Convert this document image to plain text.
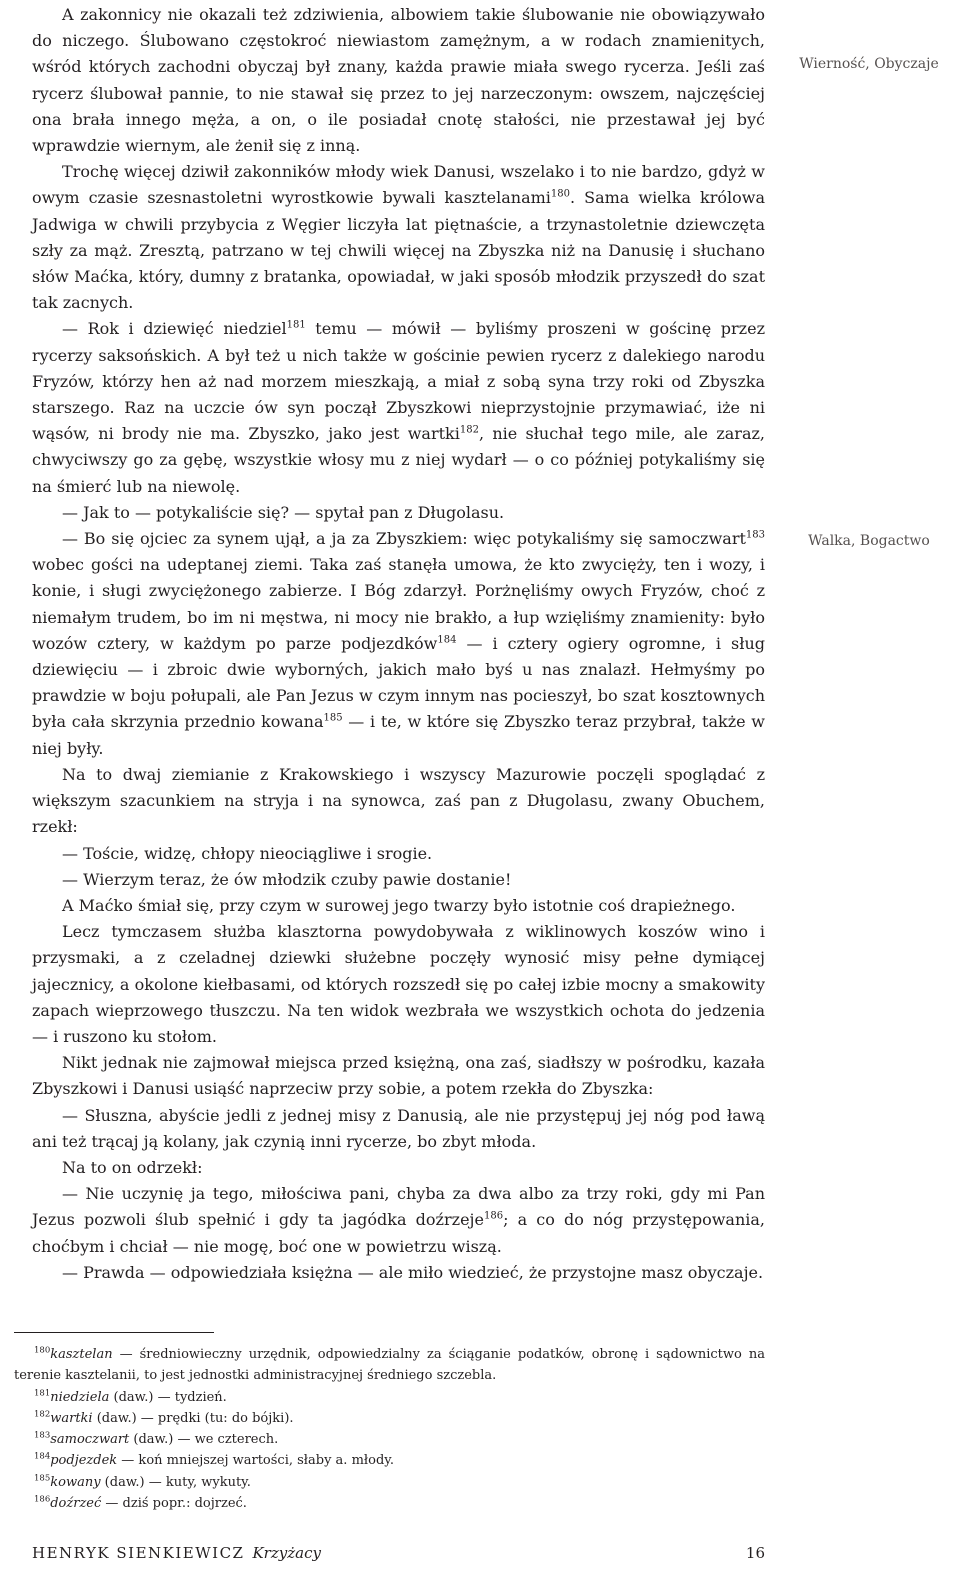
A zakonnicy nie okazali też zdziwienia, albowiem takie ślubowanie nie obowiązywało do niczego. Ślubowano częstokroć niewiastom zamężnym, a w rodach znamienitych, wśród których zachodni obyczaj był znany, każda prawie miała swego rycerza. Jeśli zaś rycerz ślubował pannie, to nie stawał się przez to jej narzeczonym: owszem, najczęściej ona brała innego męża, a on, o ile posiadał cnotę stałości, nie przestawał jej być wprawdzie wiernym, ale żenił się z inną.

Trochę więcej dziwił zakonników młody wiek Danusi, wszelako i to nie bardzo, gdyż w owym czasie szesnastoletni wyrostkowie bywali kasztelanami$^{180}$. Sama wielka królowa Jadwiga w chwili przybycia z Węgier liczyła lat piętnaście, a trzynastoletnie dziewczęta szły za mąż. Zresztą, patrzano w tej chwili więcej na Zbyszka niż na Danusię i słuchano słów Maćka, który, dumny z bratanka, opowiadał, w jaki sposób młodzik przyszedł do szat tak zacnych.

— Rok i dziewięć niedziel$^{181}$ temu — mówił — byliśmy proszeni w gościnę przez rycerzy saksońskich. A był też u nich także w gościnie pewien rycerz z dalekiego narodu Fryzów, którzy hen aż nad morzem mieszkają, a miał z sobą syna trzy roki od Zbyszka starszego. Raz na uczcie ów syn począł Zbyszkowi nieprzystojnie przymawiać, iże ni wąsów, ni brody nie ma. Zbyszko, jako jest wartki$^{182}$, nie słuchał tego mile, ale zaraz, chwyciwszy go za gębę, wszystkie włosy mu z niej wydarł — o co później potykaliśmy się na śmierć lub na niewolę.

— Jak to — potykaliście się? — spytał pan z Długolasu.

— Bo się ojciec za synem ujął, a ja za Zbyszkiem: więc potykaliśmy się samoczwart$^{183}$ wobec gości na udeptanej ziemi. Taka zaś stanęła umowa, że kto zwycięży, ten i wozy, i konie, i sługi zwyciężonego zabierze. I Bóg zdarzył. Porżnęliśmy owych Fryzów, choć z niemałym trudem, bo im ni męstwa, ni mocy nie brakło, a łup wzięliśmy znamienity: było wozów cztery, w każdym po parze podjezdków$^{184}$ — i cztery ogiery ogromne, i sług dziewięciu — i zbroic dwie wyborných, jakich mało byś u nas znalazł. Hełmyśmy po prawdzie w boju połupali, ale Pan Jezus w czym innym nas pocieszył, bo szat kosztownych była cała skrzynia przednio kowana$^{185}$ — i te, w które się Zbyszko teraz przybrał, także w niej były.

Na to dwaj ziemianie z Krakowskiego i wszyscy Mazurowie poczęli spoglądać z większym szacunkiem na stryja i na synowca, zaś pan z Długolasu, zwany Obuchem, rzekł:

— Toście, widzę, chłopy nieociągliwe i srogie.

— Wierzym teraz, że ów młodzik czuby pawie dostanie!

A Maćko śmiał się, przy czym w surowej jego twarzy było istotnie coś drapieżnego.

Lecz tymczasem służba klasztorna powydobywała z wiklinowych koszów wino i przysmaki, a z czeladnej dziewki służebne poczęły wynosić misy pełne dymiącej jajecznicy, a okolone kiełbasami, od których rozszedł się po całej izbie mocny a smakowity zapach wieprzowego tłuszczu. Na ten widok wezbrała we wszystkich ochota do jedzenia — i ruszono ku stołom.

Nikt jednak nie zajmował miejsca przed księżną, ona zaś, siadłszy w pośrodku, kazała Zbyszkowi i Danusi usiąść naprzeciw przy sobie, a potem rzekła do Zbyszka:

— Słuszna, abyście jedli z jednej misy z Danusią, ale nie przystępuj jej nóg pod ławą ani też trącaj ją kolany, jak czynią inni rycerze, bo zbyt młoda.

Na to on odrzekł:

— Nie uczynię ja tego, miłościwa pani, chyba za dwa albo za trzy roki, gdy mi Pan Jezus pozwoli ślub spełnić i gdy ta jagódka doźrzeje$^{186}$; a co do nóg przystępowania, choćbym i chciał — nie mogę, boć one w powietrzu wiszą.

— Prawda — odpowiedziała księżna — ale miło wiedzieć, że przystojne masz obyczaje.

Wierność, Obyczaje
Walka, Bogactwo

$^{180}$kasztelan — średniowieczny urzędnik, odpowiedzialny za ściąganie podatków, obronę i sądownictwo na terenie kasztelanii, to jest jednostki administracyjnej średniego szczebla.

$^{181}$niedziela (daw.) — tydzień.

$^{182}$wartki (daw.) — prędki (tu: do bójki).

$^{183}$samoczwart (daw.) — we czterech.

$^{184}$podjezdek — koń mniejszej wartości, słaby a. młody.

$^{185}$kowany (daw.) — kuty, wykuty.

$^{186}$doźrzeć — dziś popr.: dojrzeć.

HENRYK SIENKIEWICZ Krzyżacy	16
